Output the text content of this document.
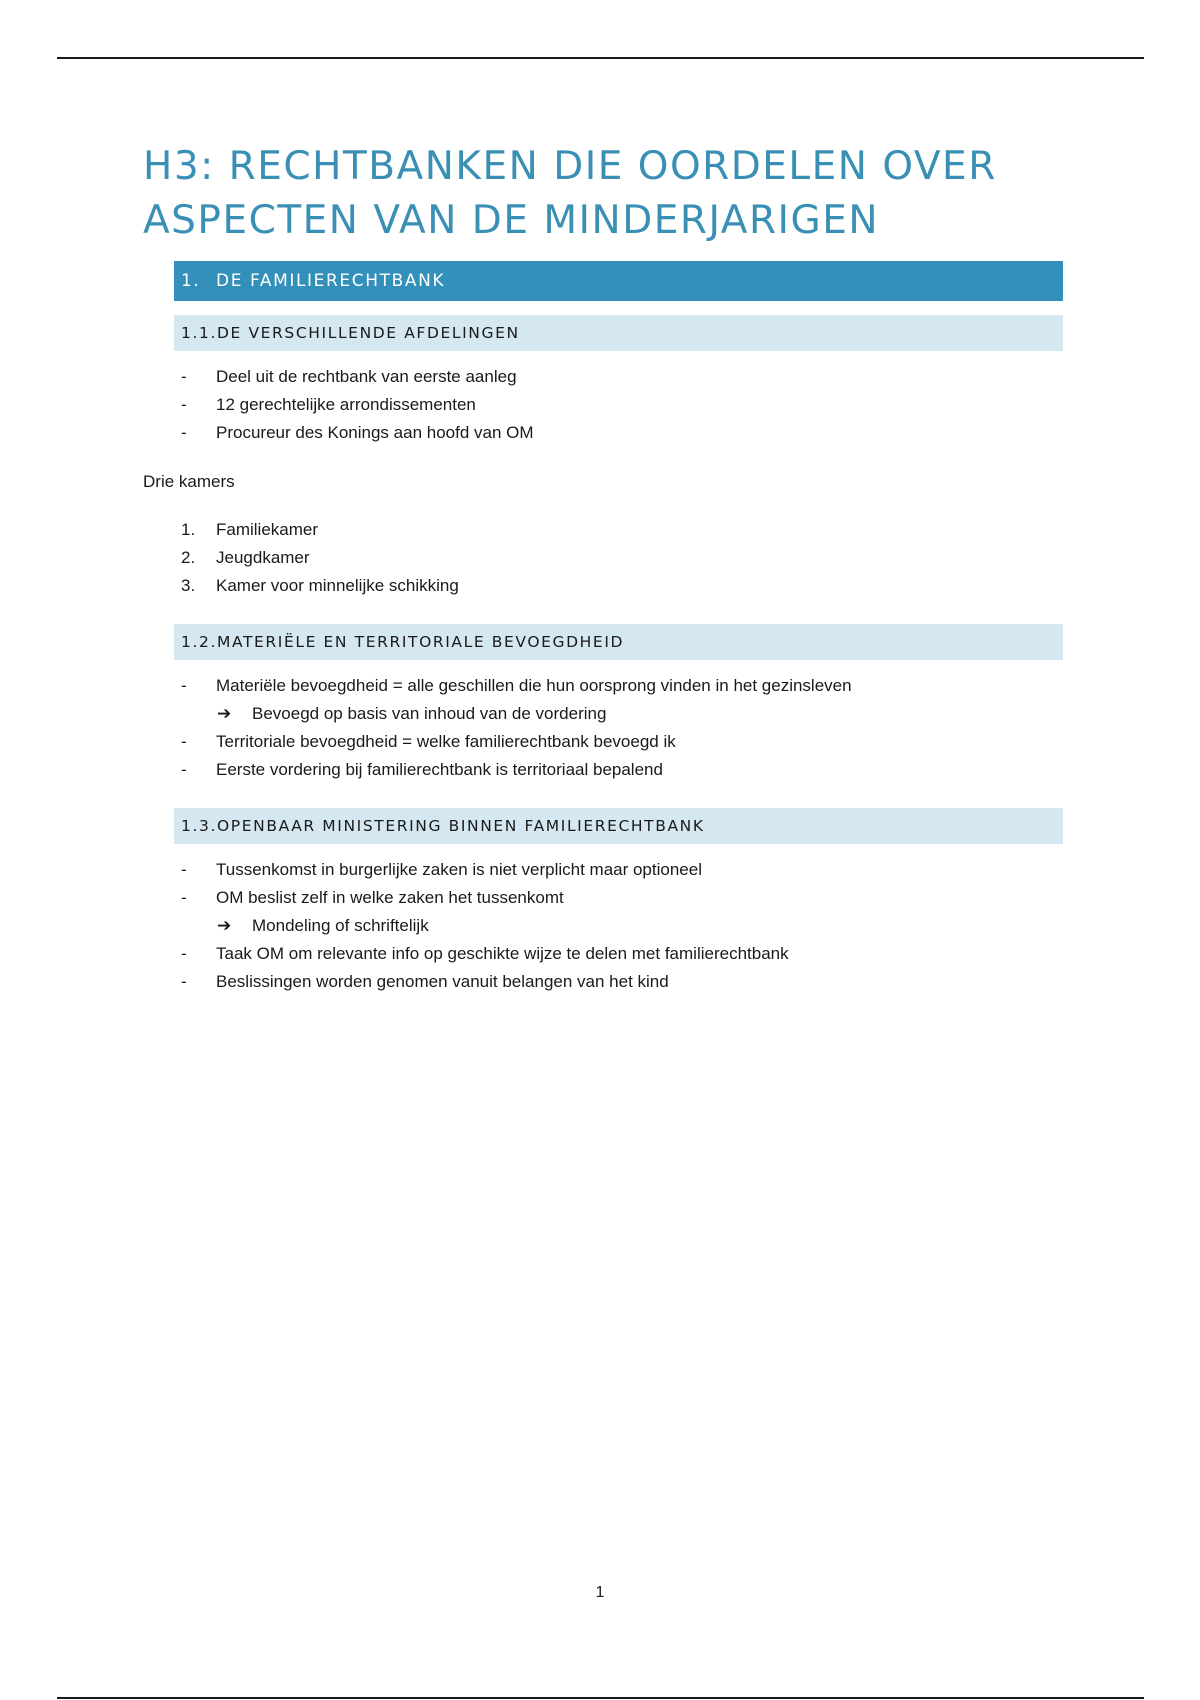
H3: RECHTBANKEN DIE OORDELEN OVER
ASPECTEN VAN DE MINDERJARIGEN
1. DE FAMILIERECHTBANK
1.1.DE VERSCHILLENDE AFDELINGEN
- Deel uit de rechtbank van eerste aanleg
- 12 gerechtelijke arrondissementen
- Procureur des Konings aan hoofd van OM
Drie kamers
1. Familiekamer
2. Jeugdkamer
3. Kamer voor minnelijke schikking
1.2.MATERIËLE EN TERRITORIALE BEVOEGDHEID
- Materiële bevoegdheid = alle geschillen die hun oorsprong vinden in het gezinsleven
➔ Bevoegd op basis van inhoud van de vordering
- Territoriale bevoegdheid = welke familierechtbank bevoegd ik
- Eerste vordering bij familierechtbank is territoriaal bepalend
1.3.OPENBAAR MINISTERING BINNEN FAMILIERECHTBANK
- Tussenkomst in burgerlijke zaken is niet verplicht maar optioneel
- OM beslist zelf in welke zaken het tussenkomt
➔ Mondeling of schriftelijk
- Taak OM om relevante info op geschikte wijze te delen met familierechtbank
- Beslissingen worden genomen vanuit belangen van het kind
1
